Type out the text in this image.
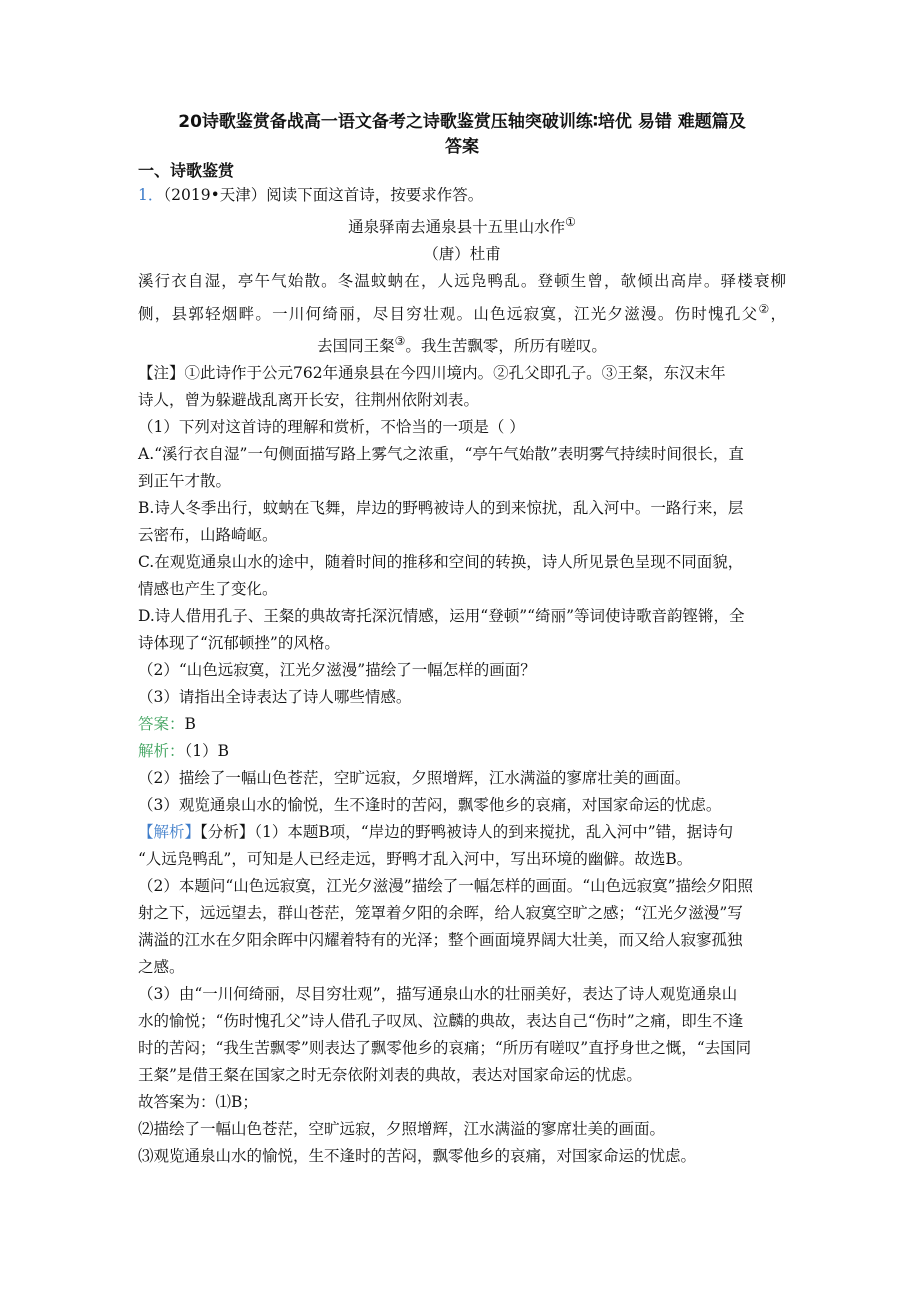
20诗歌鉴赏备战高一语文备考之诗歌鉴赏压轴突破训练∶培优 易错 难题篇及
答案

一、诗歌鉴赏

1．（2019•天津）阅读下面这首诗，按要求作答。

通泉驿南去通泉县十五里山水作①

（唐）杜甫

溪行衣自湿，亭午气始散。冬温蚊蚋在，人远凫鸭乱。登顿生曾，欹倾出高岸。驿楼衰柳

侧，县郭轻烟畔。一川何绮丽，尽目穷壮观。山色远寂寞，江光夕滋漫。伤时愧孔父②，

去国同王粲③。我生苦飘零，所历有嗟叹。

【注】①此诗作于公元762年通泉县在今四川境内。②孔父即孔子。③王粲，东汉末年

诗人，曾为躲避战乱离开长安，往荆州依附刘表。

（1）下列对这首诗的理解和赏析，不恰当的一项是（ ）

A.“溪行衣自湿”一句侧面描写路上雾气之浓重，“亭午气始散”表明雾气持续时间很长，直

到正午才散。

B.诗人冬季出行，蚊蚋在飞舞，岸边的野鸭被诗人的到来惊扰，乱入河中。一路行来，层

云密布，山路崎岖。

C.在观览通泉山水的途中，随着时间的推移和空间的转换，诗人所见景色呈现不同面貌，

情感也产生了变化。

D.诗人借用孔子、王粲的典故寄托深沉情感，运用“登顿”“绮丽”等词使诗歌音韵铿锵，全

诗体现了“沉郁顿挫”的风格。

（2）“山色远寂寞，江光夕滋漫”描绘了一幅怎样的画面？

（3）请指出全诗表达了诗人哪些情感。

答案：B

解析：（1）B

（2）描绘了一幅山色苍茫，空旷远寂，夕照增辉，江水满溢的寥席壮美的画面。

（3）观览通泉山水的愉悦，生不逢时的苦闷，飘零他乡的哀痛，对国家命运的忧虑。

【解析】【分析】（1）本题B项，“岸边的野鸭被诗人的到来搅扰，乱入河中”错，据诗句

“人远凫鸭乱”，可知是人已经走远，野鸭才乱入河中，写出环境的幽僻。故选B。

（2）本题问“山色远寂寞，江光夕滋漫”描绘了一幅怎样的画面。“山色远寂寞”描绘夕阳照

射之下，远远望去，群山苍茫，笼罩着夕阳的余晖，给人寂寞空旷之感；“江光夕滋漫”写

满溢的江水在夕阳余晖中闪耀着特有的光泽；整个画面境界阔大壮美，而又给人寂寥孤独

之感。

（3）由“一川何绮丽，尽目穷壮观”，描写通泉山水的壮丽美好，表达了诗人观览通泉山

水的愉悦；“伤时愧孔父”诗人借孔子叹凤、泣麟的典故，表达自己“伤时”之痛，即生不逢

时的苦闷；“我生苦飘零”则表达了飘零他乡的哀痛；“所历有嗟叹”直抒身世之慨，“去国同

王粲”是借王粲在国家之时无奈依附刘表的典故，表达对国家命运的忧虑。

故答案为：⑴B；

⑵描绘了一幅山色苍茫，空旷远寂，夕照增辉，江水满溢的寥席壮美的画面。

⑶观览通泉山水的愉悦，生不逢时的苦闷，飘零他乡的哀痛，对国家命运的忧虑。
